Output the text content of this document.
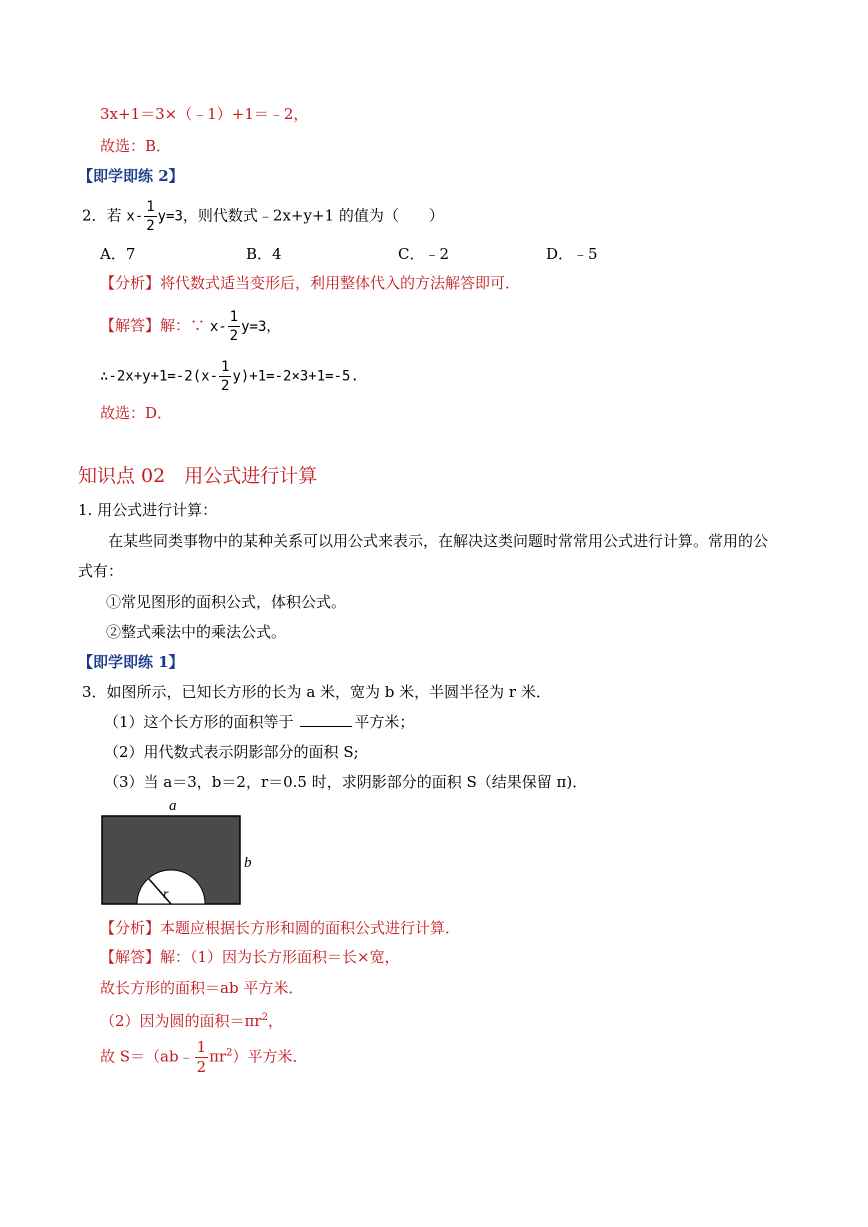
3x+1＝3×（﹣1）+1＝﹣2，
故选：B．
【即学即练 2】
2．若 $x- \frac{1}{2} y=3$，则代数式﹣2x+y+1 的值为（　　）
A．7	B．4	C．﹣2	D．﹣5
【分析】将代数式适当变形后，利用整体代入的方法解答即可．
【解答】解：∵ $x- \frac{1}{2} y=3$，
∴-2x+y+1=-2(x- $\frac{1}{2} y)+1=-2\times 3+1=-5$.
故选：D．
知识点 02　用公式进行计算
1. 用公式进行计算：
在某些同类事物中的某种关系可以用公式来表示，在解决这类问题时常常用公式进行计算。常用的公
式有：
①常见图形的面积公式，体积公式。
②整式乘法中的乘法公式。
【即学即练 1】
3．如图所示，已知长方形的长为 a 米，宽为 b 米，半圆半径为 r 米．
（1）这个长方形的面积等于	平方米；
（2）用代数式表示阴影部分的面积 S;
（3）当 a＝3，b＝2，r＝0.5 时，求阴影部分的面积 S（结果保留 π)．
a
b
r
【分析】本题应根据长方形和圆的面积公式进行计算．
【解答】解：（1）因为长方形面积＝长×宽，
故长方形的面积＝ab 平方米．
（2）因为圆的面积$=\pi r^2$，
故 S＝（ab﹣ $\frac{1}{2} \pi r^2$）平方米．
